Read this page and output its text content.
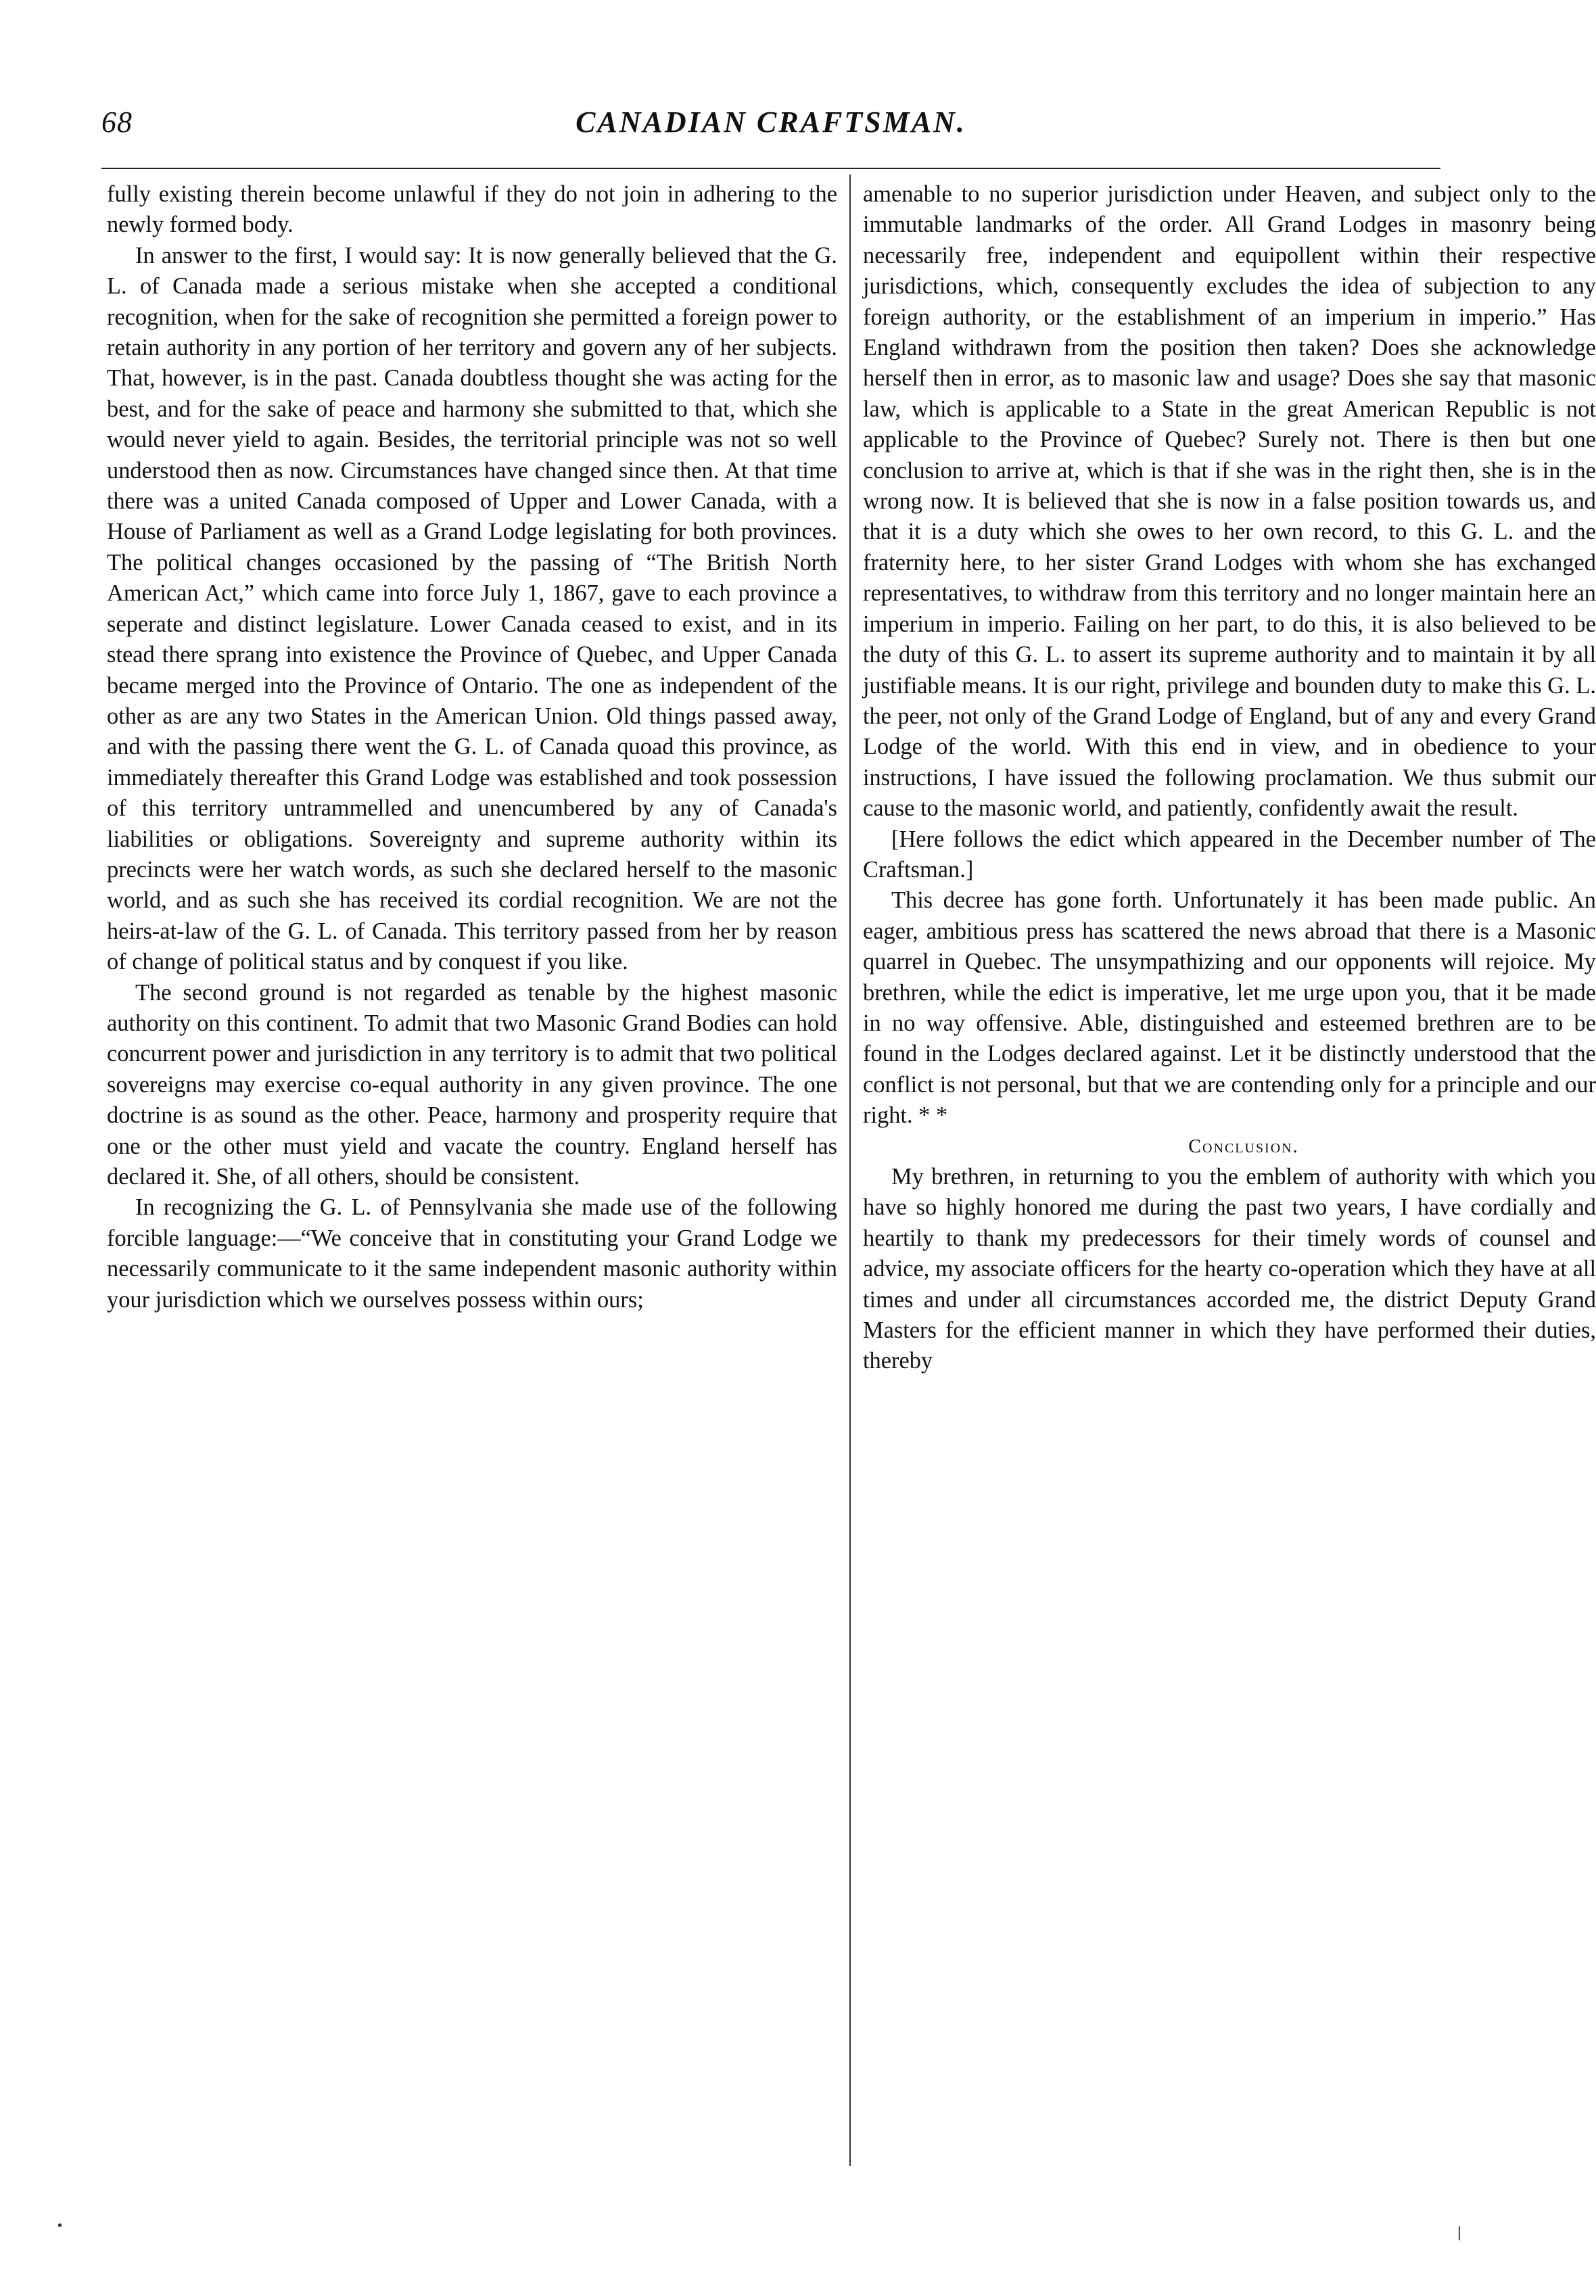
68	CANADIAN CRAFTSMAN.

fully existing therein become unlawful if they do not join in adhering to the newly formed body.

In answer to the first, I would say: It is now generally believed that the G. L. of Canada made a serious mistake when she accepted a conditional recognition, when for the sake of recognition she permitted a foreign power to retain authority in any portion of her territory and govern any of her subjects. That, however, is in the past. Canada doubtless thought she was acting for the best, and for the sake of peace and harmony she submitted to that, which she would never yield to again. Besides, the territorial principle was not so well understood then as now. Circumstances have changed since then. At that time there was a united Canada composed of Upper and Lower Canada, with a House of Parliament as well as a Grand Lodge legislating for both provinces. The political changes occasioned by the passing of “The British North American Act,” which came into force July 1, 1867, gave to each province a seperate and distinct legislature. Lower Canada ceased to exist, and in its stead there sprang into existence the Province of Quebec, and Upper Canada became merged into the Province of Ontario. The one as independent of the other as are any two States in the American Union. Old things passed away, and with the passing there went the G. L. of Canada quoad this province, as immediately thereafter this Grand Lodge was established and took possession of this territory untrammelled and unencumbered by any of Canada's liabilities or obligations. Sovereignty and supreme authority within its precincts were her watch words, as such she declared herself to the masonic world, and as such she has received its cordial recognition. We are not the heirs-at-law of the G. L. of Canada. This territory passed from her by reason of change of political status and by conquest if you like.

The second ground is not regarded as tenable by the highest masonic authority on this continent. To admit that two Masonic Grand Bodies can hold concurrent power and jurisdiction in any territory is to admit that two political sovereigns may exercise co-equal authority in any given province. The one doctrine is as sound as the other. Peace, harmony and prosperity require that one or the other must yield and vacate the country. England herself has declared it. She, of all others, should be consistent.

In recognizing the G. L. of Pennsylvania she made use of the following forcible language:—“We conceive that in constituting your Grand Lodge we necessarily communicate to it the same independent masonic authority within your jurisdiction which we ourselves possess within ours;

amenable to no superior jurisdiction under Heaven, and subject only to the immutable landmarks of the order. All Grand Lodges in masonry being necessarily free, independent and equipollent within their respective jurisdictions, which, consequently excludes the idea of subjection to any foreign authority, or the establishment of an imperium in imperio.” Has England withdrawn from the position then taken? Does she acknowledge herself then in error, as to masonic law and usage? Does she say that masonic law, which is applicable to a State in the great American Republic is not applicable to the Province of Quebec? Surely not. There is then but one conclusion to arrive at, which is that if she was in the right then, she is in the wrong now. It is believed that she is now in a false position towards us, and that it is a duty which she owes to her own record, to this G. L. and the fraternity here, to her sister Grand Lodges with whom she has exchanged representatives, to withdraw from this territory and no longer maintain here an imperium in imperio. Failing on her part, to do this, it is also believed to be the duty of this G. L. to assert its supreme authority and to maintain it by all justifiable means. It is our right, privilege and bounden duty to make this G. L. the peer, not only of the Grand Lodge of England, but of any and every Grand Lodge of the world. With this end in view, and in obedience to your instructions, I have issued the following proclamation. We thus submit our cause to the masonic world, and patiently, confidently await the result.

[Here follows the edict which appeared in the December number of The Craftsman.]

This decree has gone forth. Unfortunately it has been made public. An eager, ambitious press has scattered the news abroad that there is a Masonic quarrel in Quebec. The unsympathizing and our opponents will rejoice. My brethren, while the edict is imperative, let me urge upon you, that it be made in no way offensive. Able, distinguished and esteemed brethren are to be found in the Lodges declared against. Let it be distinctly understood that the conflict is not personal, but that we are contending only for a principle and our right. * *

Conclusion.

My brethren, in returning to you the emblem of authority with which you have so highly honored me during the past two years, I have cordially and heartily to thank my predecessors for their timely words of counsel and advice, my associate officers for the hearty co-operation which they have at all times and under all circumstances accorded me, the district Deputy Grand Masters for the efficient manner in which they have performed their duties, thereby

•	|
